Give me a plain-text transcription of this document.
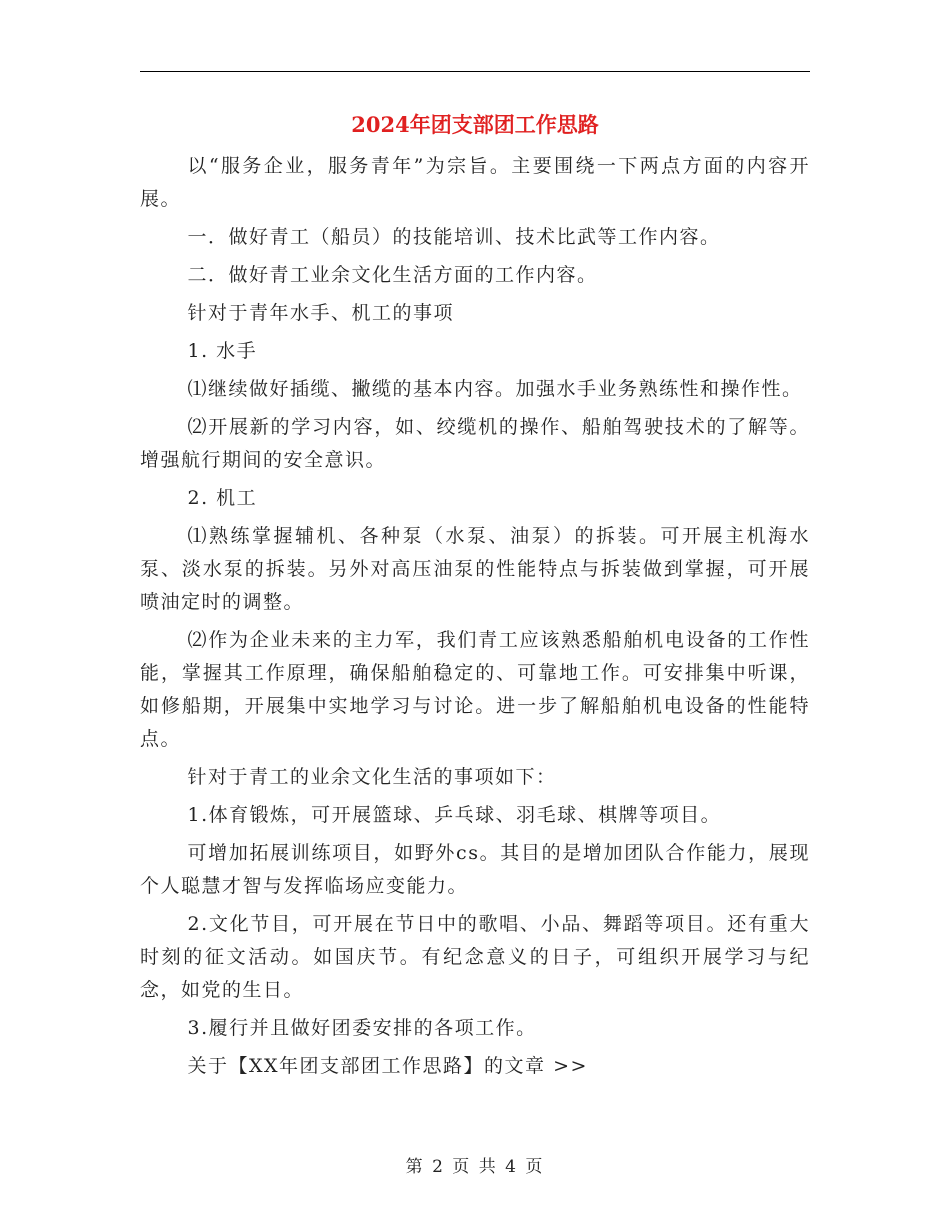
2024年团支部团工作思路

以“服务企业，服务青年”为宗旨。主要围绕一下两点方面的内容开展。

一．做好青工（船员）的技能培训、技术比武等工作内容。

二．做好青工业余文化生活方面的工作内容。

针对于青年水手、机工的事项

1. 水手

⑴继续做好插缆、撇缆的基本内容。加强水手业务熟练性和操作性。

⑵开展新的学习内容，如、绞缆机的操作、船舶驾驶技术的了解等。增强航行期间的安全意识。

2. 机工

⑴熟练掌握辅机、各种泵（水泵、油泵）的拆装。可开展主机海水泵、淡水泵的拆装。另外对高压油泵的性能特点与拆装做到掌握，可开展喷油定时的调整。

⑵作为企业未来的主力军，我们青工应该熟悉船舶机电设备的工作性能，掌握其工作原理，确保船舶稳定的、可靠地工作。可安排集中听课，如修船期，开展集中实地学习与讨论。进一步了解船舶机电设备的性能特点。

针对于青工的业余文化生活的事项如下：

1.体育锻炼，可开展篮球、乒乓球、羽毛球、棋牌等项目。

可增加拓展训练项目，如野外cs。其目的是增加团队合作能力，展现个人聪慧才智与发挥临场应变能力。

2.文化节目，可开展在节日中的歌唱、小品、舞蹈等项目。还有重大时刻的征文活动。如国庆节。有纪念意义的日子，可组织开展学习与纪念，如党的生日。

3.履行并且做好团委安排的各项工作。

关于【XX年团支部团工作思路】的文章 >>

第 2 页 共 4 页
